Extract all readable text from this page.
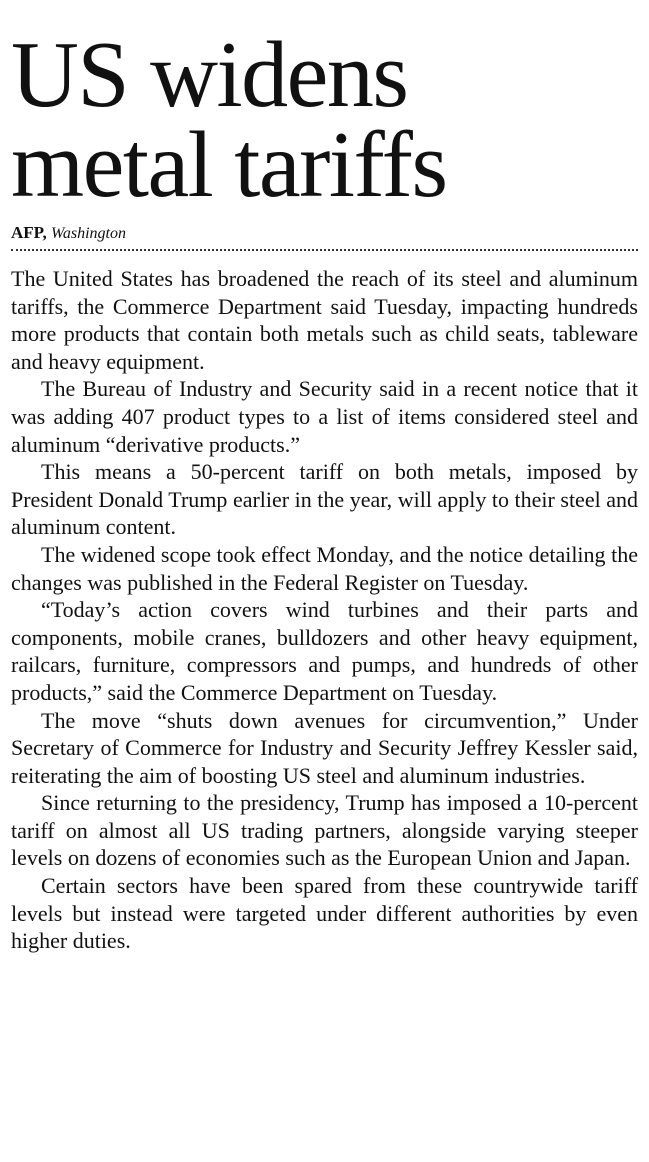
US widens
metal tariffs
AFP, Washington

The United States has broadened the reach of its steel and aluminum tariffs, the Commerce Department said Tuesday, impacting hundreds more products that contain both metals such as child seats, tableware and heavy equipment.

The Bureau of Industry and Security said in a recent notice that it was adding 407 product types to a list of items considered steel and aluminum “derivative products.”

This means a 50-percent tariff on both metals, imposed by President Donald Trump earlier in the year, will apply to their steel and aluminum content.

The widened scope took effect Monday, and the notice detailing the changes was published in the Federal Register on Tuesday.

“Today’s action covers wind turbines and their parts and components, mobile cranes, bulldozers and other heavy equipment, railcars, furniture, compressors and pumps, and hundreds of other products,” said the Commerce Department on Tuesday.

The move “shuts down avenues for circumvention,” Under Secretary of Commerce for Industry and Security Jeffrey Kessler said, reiterating the aim of boosting US steel and aluminum industries.

Since returning to the presidency, Trump has imposed a 10-percent tariff on almost all US trading partners, alongside varying steeper levels on dozens of economies such as the European Union and Japan.

Certain sectors have been spared from these countrywide tariff levels but instead were targeted under different authorities by even higher duties.
